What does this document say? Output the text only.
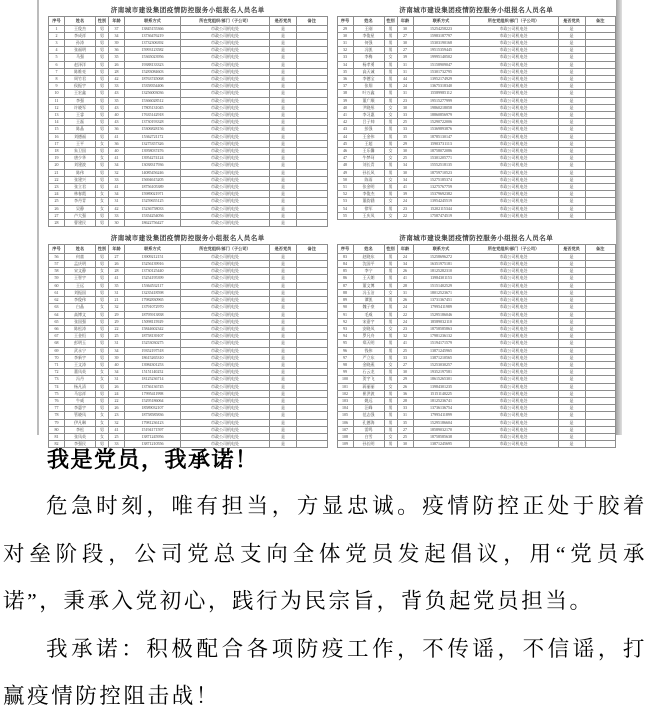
济南城市建设集团疫情防控服务小组报名人员名单
序号	姓名	性别	年龄	联系方式	所在党组织/部门（子公司）	是否党员	备注
1	王俊杰	男	37	13845155366	市政公司机电处	是	
2	李成祥	男	34	13736476219	市政公司机电处	是	
3	孙涛	男	39	13732306392	市政公司机电处	是	
4	张福明	男	36	15993123582	市政公司机电处	是	
5	马强	男	35	15365023956	市政公司机电处	是	
6	赵泽洋	男	26	19388133323	市政公司机电处	是	
7	陈维亮	男	28	15283084603	市政公司机电处	是	
8	周竹君	男	42	18763745068	市政公司机电处	是	
9	侯振宇	男	33	15358354406	市政公司机电处	是	
10	王宏鑫	男	43	13256003036	市政公司机电处	是	
11	李强	男	35	15366028512	市政公司机电处	是	
12	许晓军	男	43	17805131045	市政公司机电处	是	
13	王睿	男	40	17635142918	市政公司机电处	是	
14	王磊	男	43	13730193328	市政公司机电处	是	
15	陈晶	男	36	15306828156	市政公司机电处	是	
16	刘德福	男	41	15362721172	市政公司机电处	是	
17	王平	女	36	13275357326	市政公司机电处	是	
18	朱卫国	男	40	13958037476	市政公司机电处	是	
19	唐少华	女	41	13954274124	市政公司机电处	是	
20	刘建波	男	34	13038317936	市政公司机电处	是	
21	陈伟	男	32	14085456246	市政公司机电处	是	
22	张建兴	男	33	15694615205	市政公司机电处	是	
23	张立君	男	41	18756105389	市政公司机电处	是	
24	林春霞	女	34	15989021971	市政公司机电处	是	
25	李丹青	女	31	15259655125	市政公司机电处	是	
26	吴静	女	42	15236758033	市政公司机电处	是	
27	卢大强	男	33	15354254056	市政公司机电处	是	
28	曹建民	男	30	18622756427	市政公司机电处	是	
济南城市建设集团疫情防控服务小组报名人员名单
序号	姓名	性别	年龄	联系方式	所在党组织/部门（子公司）	是否党员	备注
29	王刚	男	30	15254258223	市政公司机电处	是	
30	李俊星	男	27	15983187797	市政公司机电处	是	
31	何强	男	30	15303190168	市政公司机电处	是	
32	冯凯	男	27	19515359445	市政公司机电处	是	
33	李梅	女	39	19995140502	市政公司机电处	是	
34	杨孝勇	男	31	15158909047	市政公司机电处	是	
35	高天诚	男	31	15301732795	市政公司机电处	是	
36	李德宝	男	44	13952174929	市政公司机电处	是	
37	张翔	男	24	13675318340	市政公司机电处	是	
38	叶万鑫	男	31	15589985112	市政公司机电处	是	
39	董广顺	男	23	19515277999	市政公司机电处	是	
40	尹晓彤	女	30	19860218058	市政公司机电处	是	
41	李习惠	女	33	18860856979	市政公司机电处	是	
42	吕子帅	男	25	15290722006	市政公司机电处	是	
43	彭强	男	33	15369893876	市政公司机电处	是	
44	王金伟	男	35	18785130147	市政公司机电处	是	
45	王超	男	29	15903731113	市政公司机电处	是	
46	王乐馨	女	30	18758072086	市政公司机电处	是	
47	牛梦珂	女	25	15301205771	市政公司机电处	是	
48	刘长青	男	34	15552518135	市政公司机电处	是	
49	孙长风	男	30	18759710523	市政公司机电处	是	
50	陈雨	女	34	15275185374	市政公司机电处	是	
51	张金明	男	41	13275767759	市政公司机电处	是	
52	李俊杰	男	39	15379692382	市政公司机电处	是	
53	董韵涵	女	24	13954245519	市政公司机电处	是	
54	徐军	男	23	15202115344	市政公司机电处	是	
55	王庆凤	女	22	17587474519	市政公司机电处	是	
济南城市建设集团疫情防控服务小组报名人员名单
序号	姓名	性别	年龄	联系方式	所在党组织/部门（子公司）	是否党员	备注
56	何童	男	27	13909212151	市政公司机电处	是	
57	孟庆明	男	26	15256139916	市政公司机电处	是	
58	宋文静	女	28	13730125440	市政公司机电处	是	
59	王智宇	男	41	15254195399	市政公司机电处	是	
60	王远	男	35	15364532117	市政公司机电处	是	
61	刘振国	男	31	13235418598	市政公司机电处	是	
62	李俊伟	男	21	17982830965	市政公司机电处	是	
63	白晶	女	32	13791072970	市政公司机电处	是	
64	高博文	男	29	18795913838	市政公司机电处	是	
65	张国强	男	29	15098115929	市政公司机电处	是	
66	陈松涛	男	22	15844602342	市政公司机电处	是	
67	王金恒	男	25	18758139107	市政公司机电处	是	
68	彭明玉	男	31	15253030275	市政公司机电处	是	
69	武永宁	男	34	19352197518	市政公司机电处	是	
70	李新宇	男	39	18615265310	市政公司机电处	是	
71	王文涛	男	40	13984301253	市政公司机电处	是	
72	董凤英	女	34	15151140252	市政公司机电处	是	
73	冯丹	女	31	18125236714	市政公司机电处	是	
74	杨凡清	男	26	13736136745	市政公司机电处	是	
75	马忠祥	男	24	17995411998	市政公司机电处	是	
76	牛威	男	22	15295186064	市政公司机电处	是	
77	李惠宇	男	26	18589032107	市政公司机电处	是	
78	管晓凤	女	23	18758585836	市政公司机电处	是	
79	伊凡琳	女	32	17981236123	市政公司机电处	是	
80	李松	男	41	15194171597	市政公司机电处	是	
81	张凤英	女	25	13871245956	市政公司机电处	是	
82	李强民	男	33	13871210556	市政公司机电处	是	
济南城市建设集团疫情防控服务小组报名人员名单
序号	姓名	性别	年龄	联系方式	所在党组织/部门（子公司）	是否党员	备注
83	赵晓东	男	24	15258696272	市政公司机电处	是	
84	沈国平	男	34	16351975181	市政公司机电处	是	
85	李宁	男	26	18125282310	市政公司机电处	是	
86	王天朗	男	41	13984301153	市政公司机电处	是	
87	董文博	男	28	15151402529	市政公司机电处	是	
88	冯玉洁	女	31	18012523671	市政公司机电处	是	
89	谭凯	男	26	13731367451	市政公司机电处	是	
90	魏子豪	男	24	17995411989	市政公司机电处	是	
91	毛威	男	22	15295186046	市政公司机电处	是	
92	宋嘉宇	男	24	18589032110	市政公司机电处	是	
93	安晓凤	女	23	18758585863	市政公司机电处	是	
94	罗凡舟	男	32	17981236132	市政公司机电处	是	
95	郑天明	男	41	15194171579	市政公司机电处	是	
96	钱伟	男	25	13871245965	市政公司机电处	是	
97	严立东	男	33	13871210565	市政公司机电处	是	
98	金晓燕	女	27	15253030257	市政公司机电处	是	
99	石云龙	男	30	19352197581	市政公司机电处	是	
100	贺宇飞	男	29	18615265301	市政公司机电处	是	
101	蒋丽丽	女	26	13984301235	市政公司机电处	是	
102	崔洪波	男	36	15151140225	市政公司机电处	是	
103	姚远	男	28	18125236741	市政公司机电处	是	
104	汪峰	男	33	13736136754	市政公司机电处	是	
105	范志强	男	31	17995411899	市政公司机电处	是	
106	孔德海	男	35	15295186604	市政公司机电处	是	
107	雷鸣	男	27	18589032170	市政公司机电处	是	
108	白雪	女	25	18758585638	市政公司机电处	是	
109	孙长明	男	30	13871245695	市政公司机电处	是	
我是党员，我承诺！

危急时刻，唯有担当，方显忠诚。疫情防控正处于胶着对垒阶段，公司党总支向全体党员发起倡议，用“党员承诺”，秉承入党初心，践行为民宗旨，背负起党员担当。

我承诺：积极配合各项防疫工作，不传谣，不信谣，打赢疫情防控阻击战！
